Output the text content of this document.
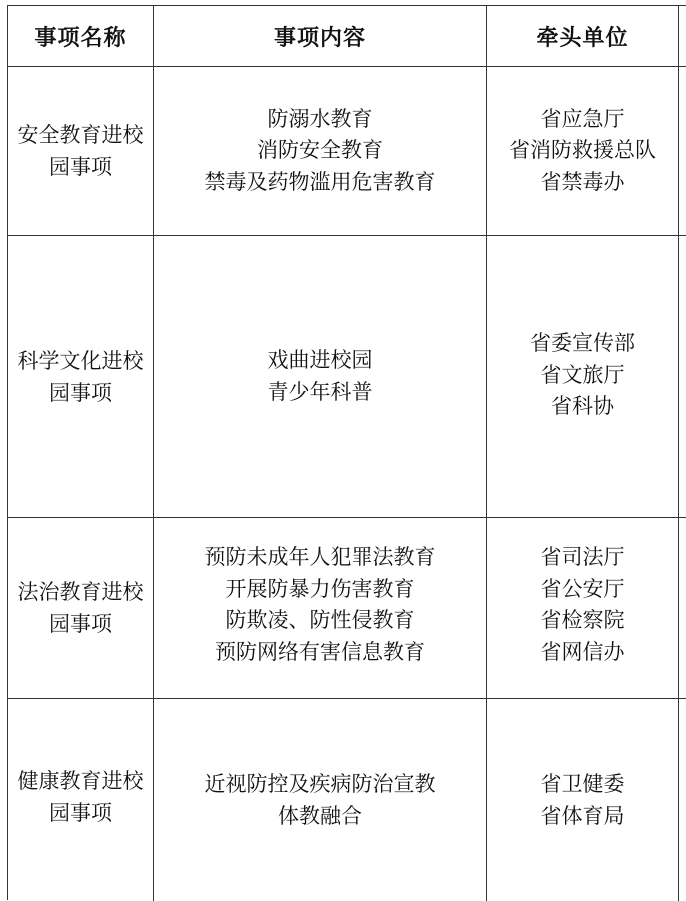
事项名称	事项内容	牵头单位
安全教育进校园事项
防溺水教育
消防安全教育
禁毒及药物滥用危害教育
省应急厅
省消防救援总队
省禁毒办
科学文化进校园事项
戏曲进校园
青少年科普
省委宣传部
省文旅厅
省科协
法治教育进校园事项
预防未成年人犯罪法教育
开展防暴力伤害教育
防欺凌、防性侵教育
预防网络有害信息教育
省司法厅
省公安厅
省检察院
省网信办
健康教育进校园事项
近视防控及疾病防治宣教
体教融合
省卫健委
省体育局
